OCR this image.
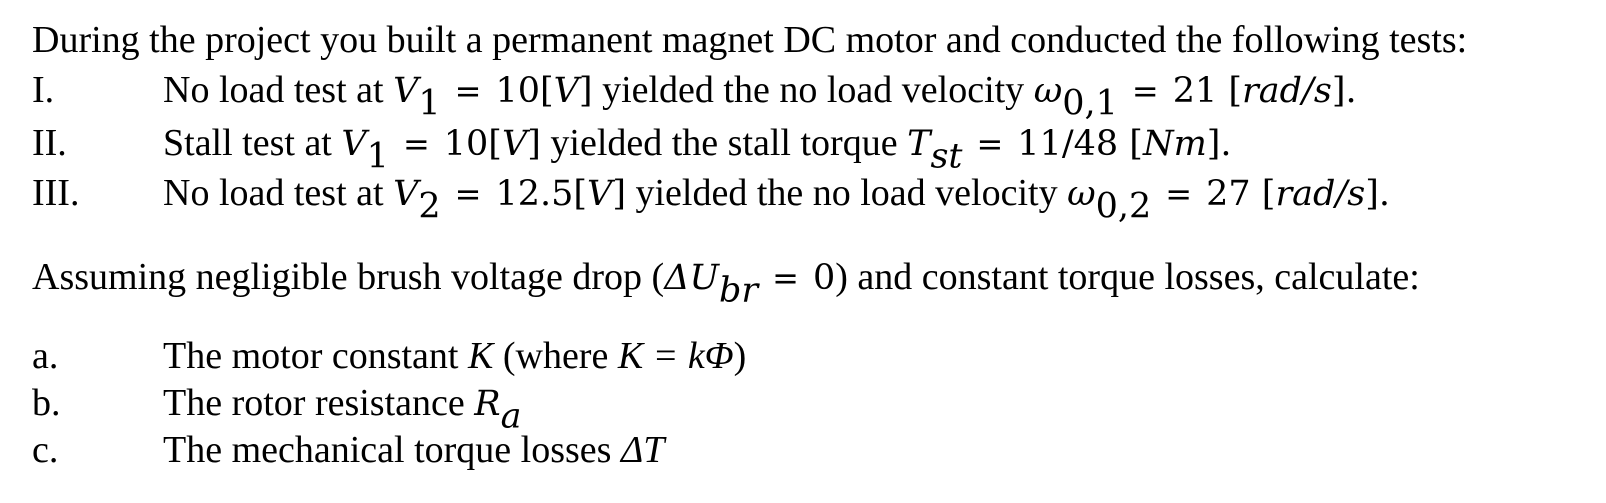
During the project you built a permanent magnet DC motor and conducted the following tests:
I.	No load test at $V_1 = 10[V]$ yielded the no load velocity $\omega_{0,1} = 21$ [rad/s].
II.	Stall test at $V_1 = 10[V]$ yielded the stall torque $T_{st} = 11/48$ [Nm].
III. No load test at $V_2 = 12.5[V]$ yielded the no load velocity $\omega_{0,2} = 27$ [rad/s].
Assuming negligible brush voltage drop $(\Delta U_{br} = 0)$ and constant torque losses, calculate:
a.	The motor constant K (where K = kΦ)
b.	The rotor resistance $R_a$
c.	The mechanical torque losses ΔT
